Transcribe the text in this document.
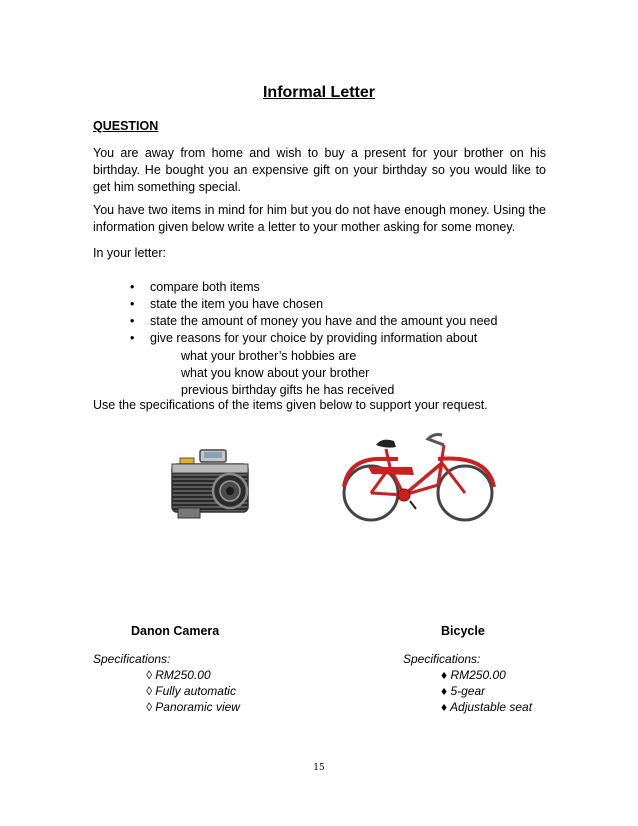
Informal Letter
QUESTION
You are away from home and wish to buy a present for your brother on his birthday. He bought you an expensive gift on your birthday so you would like to get him something special.
You have two items in mind for him but you do not have enough money. Using the information given below write a letter to your mother asking for some money.
In your letter:
• compare both items
• state the item you have chosen
• state the amount of money you have and the amount you need
• give reasons for your choice by providing information about
what your brother’s hobbies are
what you know about your brother
previous birthday gifts he has received
Use the specifications of the items given below to support your request.
Danon Camera	Bicycle
Specifications:
◊ RM250.00
◊ Fully automatic
◊ Panoramic view
Specifications:
♦ RM250.00
♦ 5-gear
♦ Adjustable seat
15
